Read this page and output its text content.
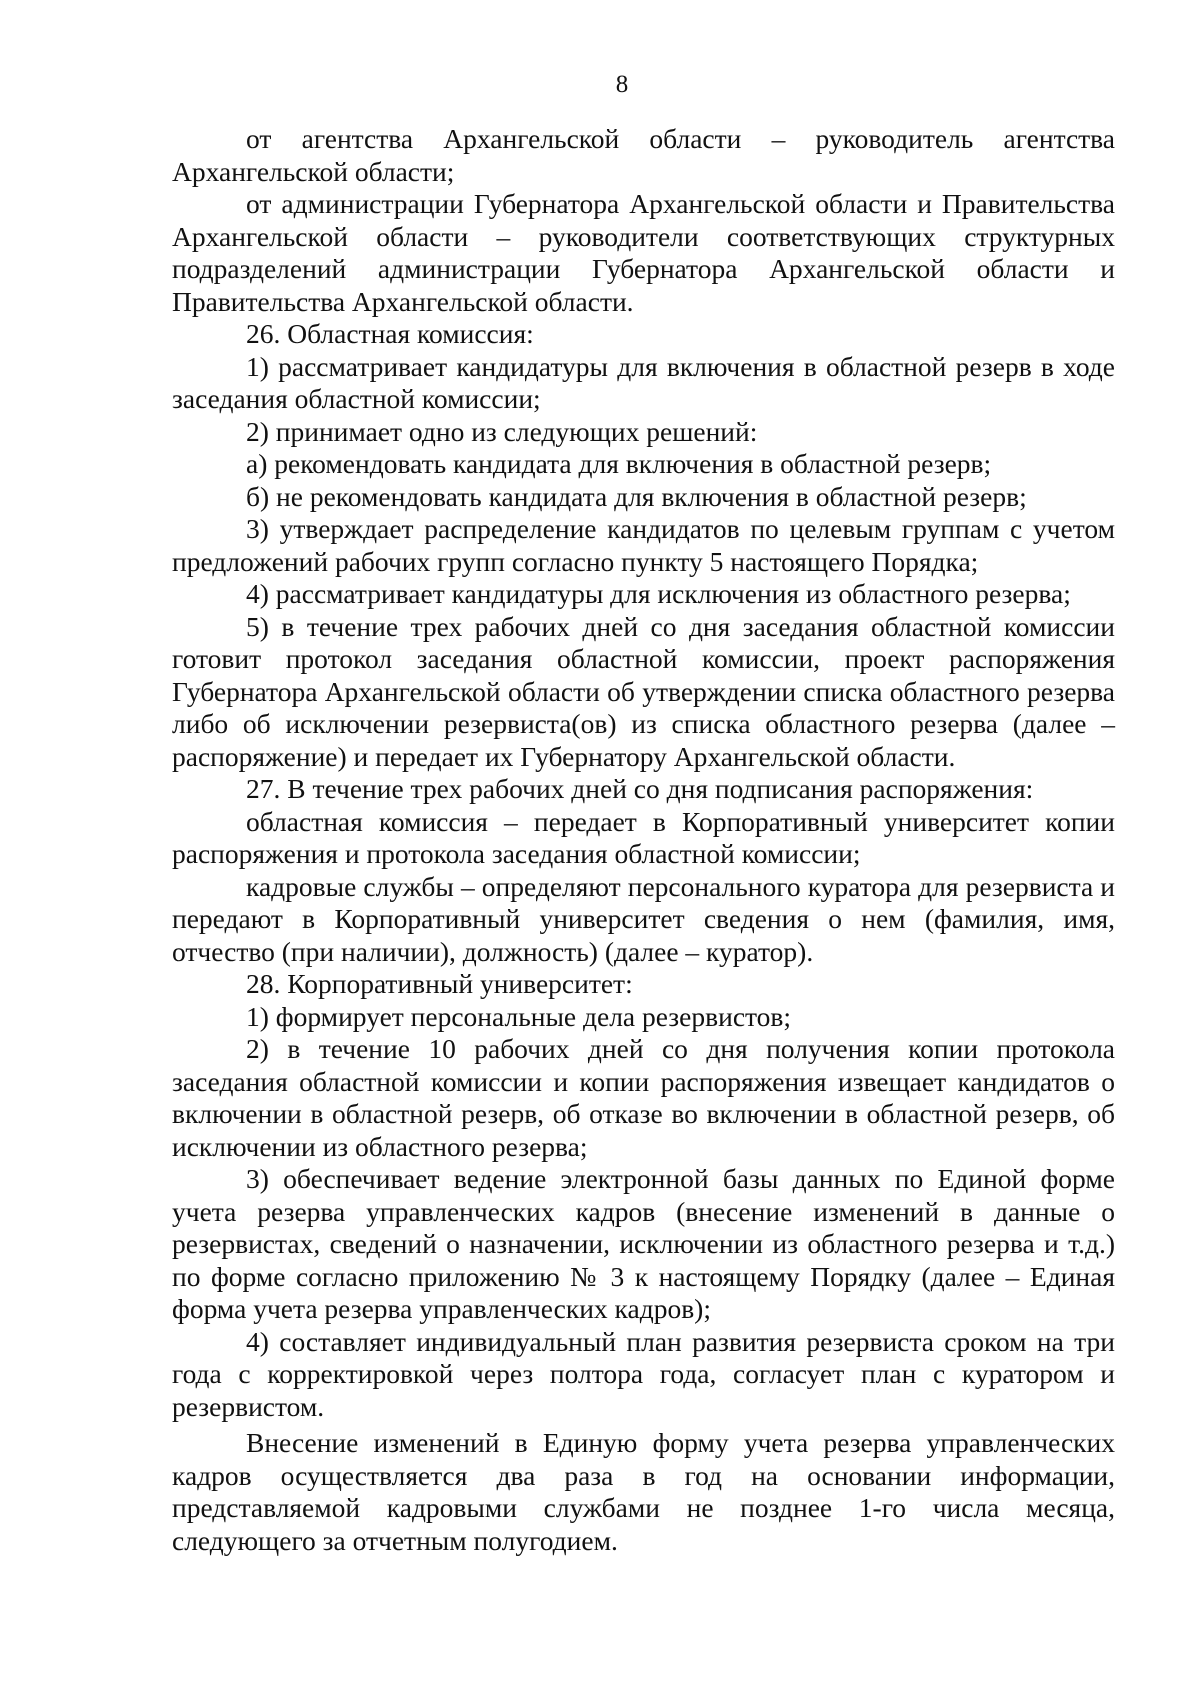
8

от агентства Архангельской области – руководитель агентства Архангельской области;

от администрации Губернатора Архангельской области и Правительства Архангельской области – руководители соответствующих структурных подразделений администрации Губернатора Архангельской области и Правительства Архангельской области.

26. Областная комиссия:

1) рассматривает кандидатуры для включения в областной резерв в ходе заседания областной комиссии;

2) принимает одно из следующих решений:

а) рекомендовать кандидата для включения в областной резерв;

б) не рекомендовать кандидата для включения в областной резерв;

3) утверждает распределение кандидатов по целевым группам с учетом предложений рабочих групп согласно пункту 5 настоящего Порядка;

4) рассматривает кандидатуры для исключения из областного резерва;

5) в течение трех рабочих дней со дня заседания областной комиссии готовит протокол заседания областной комиссии, проект распоряжения Губернатора Архангельской области об утверждении списка областного резерва либо об исключении резервиста(ов) из списка областного резерва (далее – распоряжение) и передает их Губернатору Архангельской области.

27. В течение трех рабочих дней со дня подписания распоряжения:

областная комиссия – передает в Корпоративный университет копии распоряжения и протокола заседания областной комиссии;

кадровые службы – определяют персонального куратора для резервиста и передают в Корпоративный университет сведения о нем (фамилия, имя, отчество (при наличии), должность) (далее – куратор).

28. Корпоративный университет:

1) формирует персональные дела резервистов;

2) в течение 10 рабочих дней со дня получения копии протокола заседания областной комиссии и копии распоряжения извещает кандидатов о включении в областной резерв, об отказе во включении в областной резерв, об исключении из областного резерва;

3) обеспечивает ведение электронной базы данных по Единой форме учета резерва управленческих кадров (внесение изменений в данные о резервистах, сведений о назначении, исключении из областного резерва и т.д.) по форме согласно приложению № 3 к настоящему Порядку (далее – Единая форма учета резерва управленческих кадров);

4) составляет индивидуальный план развития резервиста сроком на три года с корректировкой через полтора года, согласует план с куратором и резервистом.

Внесение изменений в Единую форму учета резерва управленческих кадров осуществляется два раза в год на основании информации, представляемой кадровыми службами не позднее 1-го числа месяца, следующего за отчетным полугодием.
